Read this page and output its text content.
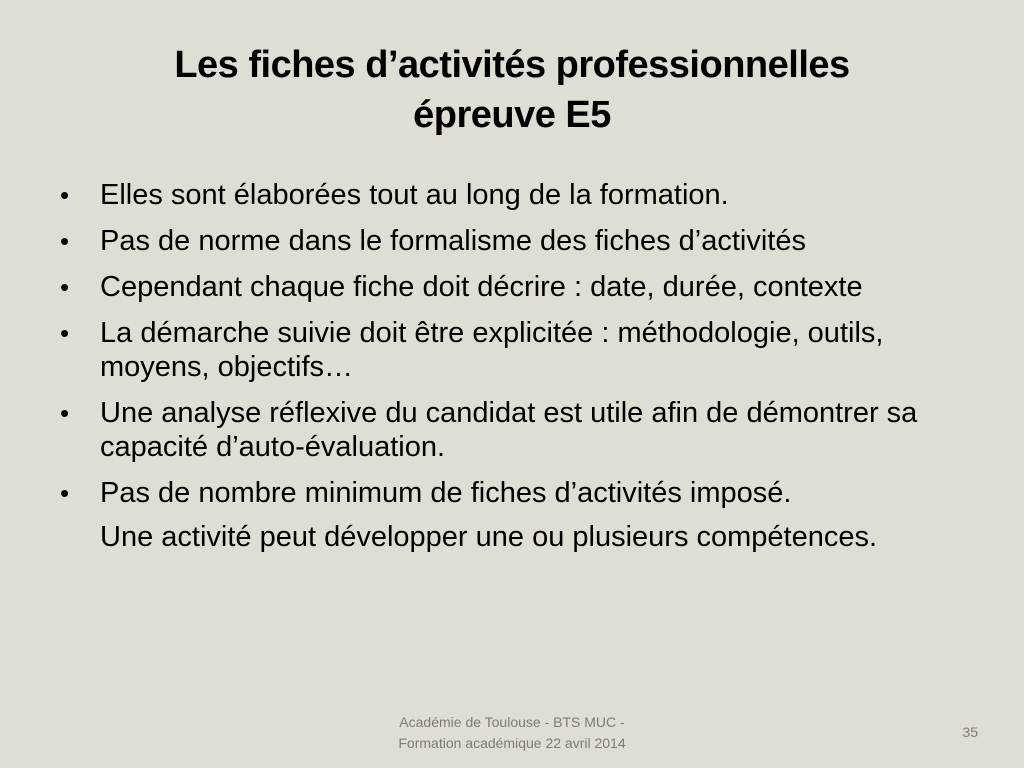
Les fiches d’activités professionnelles
épreuve E5
• Elles sont élaborées tout au long de la formation.
• Pas de norme dans le formalisme des fiches d’activités
• Cependant chaque fiche doit décrire : date, durée, contexte
• La démarche suivie doit être explicitée : méthodologie, outils, moyens, objectifs…
• Une analyse réflexive du candidat est utile afin de démontrer sa capacité d’auto-évaluation.
• Pas de nombre minimum de fiches d’activités imposé.
Une activité peut développer une ou plusieurs compétences.
Académie de Toulouse - BTS MUC -
Formation académique 22 avril 2014
35
